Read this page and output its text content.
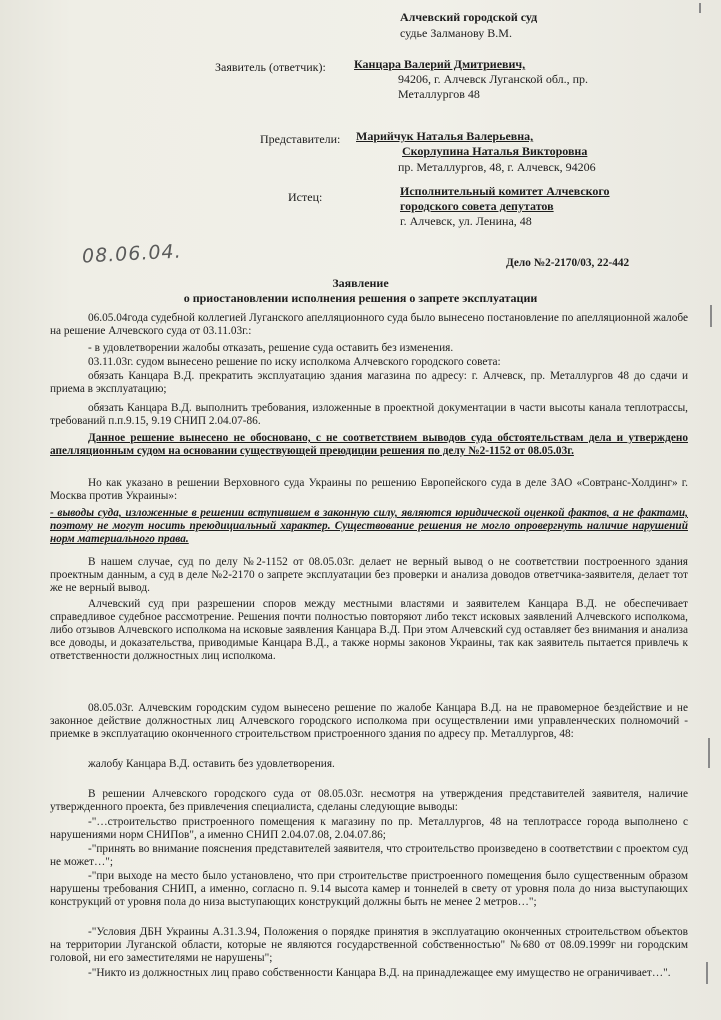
Алчевский городской суд
судье Залманову В.М.
Заявитель (ответчик): Канцара Валерий Дмитриевич,
94206, г. Алчевск Луганской обл., пр.
Металлургов 48
Представители: Марийчук Наталья Валерьевна,
Скорлупина Наталья Викторовна
пр. Металлургов, 48, г. Алчевск, 94206
Истец:	Исполнительный комитет Алчевского
городского совета депутатов
г. Алчевск, ул. Ленина, 48
08.06.04.	Дело №2-2170/03, 22-442
Заявление
о приостановлении исполнения решения о запрете эксплуатации
06.05.04года судебной коллегией Луганского апелляционного суда было вынесено постановление по апелляционной жалобе на решение Алчевского суда от 03.11.03г.:
- в удовлетворении жалобы отказать, решение суда оставить без изменения.
03.11.03г. судом вынесено решение по иску исполкома Алчевского городского совета:
обязать Канцара В.Д. прекратить эксплуатацию здания магазина по адресу: г. Алчевск, пр. Металлургов 48 до сдачи и приема в эксплуатацию;
обязать Канцара В.Д. выполнить требования, изложенные в проектной документации в части высоты канала теплотрассы, требований п.п.9.15, 9.19 СНИП 2.04.07-86.
Данное решение вынесено не обосновано, с не соответствием выводов суда обстоятельствам дела и утверждено апелляционным судом на основании существующей преюдиции решения по делу №2-1152 от 08.05.03г.
Но как указано в решении Верховного суда Украины по решению Европейского суда в деле ЗАО «Совтранс-Холдинг» г. Москва против Украины»:
- выводы суда, изложенные в решении вступившем в законную силу, являются юридической оценкой фактов, а не фактами, поэтому не могут носить преюдициальный характер. Существование решения не могло опровергнуть наличие нарушений норм материального права.
В нашем случае, суд по делу №2-1152 от 08.05.03г. делает не верный вывод о не соответствии построенного здания проектным данным, а суд в деле №2-2170 о запрете эксплуатации без проверки и анализа доводов ответчика-заявителя, делает тот же не верный вывод.
Алчевский суд при разрешении споров между местными властями и заявителем Канцара В.Д. не обеспечивает справедливое судебное рассмотрение. Решения почти полностью повторяют либо текст исковых заявлений Алчевского исполкома, либо отзывов Алчевского исполкома на исковые заявления Канцара В.Д. При этом Алчевский суд оставляет без внимания и анализа все доводы, и доказательства, приводимые Канцара В.Д., а также нормы законов Украины, так как заявитель пытается привлечь к ответственности должностных лиц исполкома.
08.05.03г. Алчевским городским судом вынесено решение по жалобе Канцара В.Д. на не правомерное бездействие и не законное действие должностных лиц Алчевского городского исполкома при осуществлении ими управленческих полномочий - приемке в эксплуатацию оконченного строительством пристроенного здания по адресу пр. Металлургов, 48:
жалобу Канцара В.Д. оставить без удовлетворения.
В решении Алчевского городского суда от 08.05.03г. несмотря на утверждения представителей заявителя, наличие утвержденного проекта, без привлечения специалиста, сделаны следующие выводы:
-"…строительство пристроенного помещения к магазину по пр. Металлургов, 48 на теплотрассе города выполнено с нарушениями норм СНИПов", а именно СНИП 2.04.07.08, 2.04.07.86;
-"принять во внимание пояснения представителей заявителя, что строительство произведено в соответствии с проектом суд не может…";
-"при выходе на место было установлено, что при строительстве пристроенного помещения было существенным образом нарушены требования СНИП, а именно, согласно п. 9.14 высота камер и тоннелей в свету от уровня пола до низа выступающих конструкций от уровня пола до низа выступающих конструкций должны быть не менее 2 метров…";
-"Условия ДБН Украины А.31.3.94, Положения о порядке принятия в эксплуатацию оконченных строительством объектов на территории Луганской области, которые не являются государственной собственностью" №680 от 08.09.1999г ни городским головой, ни его заместителями не нарушены";
-"Никто из должностных лиц право собственности Канцара В.Д. на принадлежащее ему имущество не ограничивает…".
